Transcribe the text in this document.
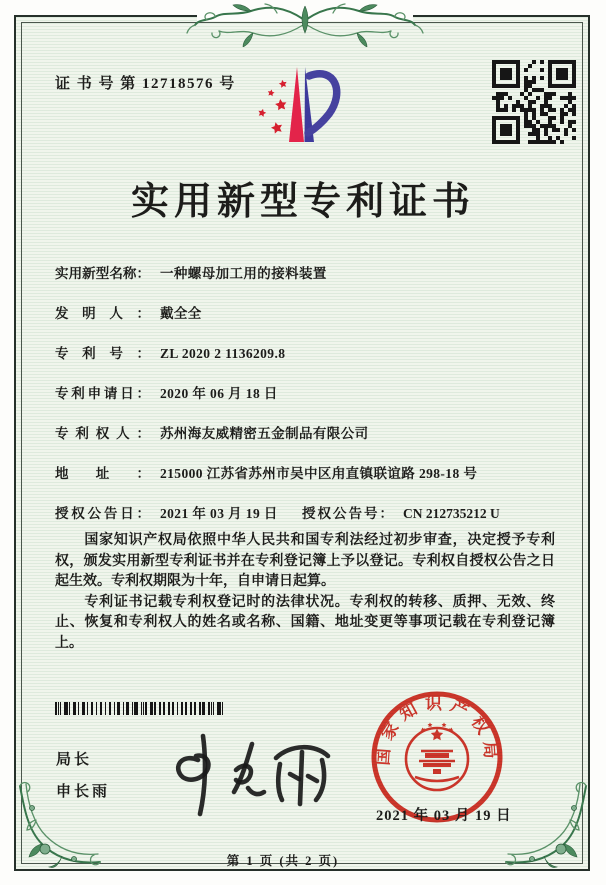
证 书 号 第 12718576 号
实用新型专利证书
实用新型名称： 一种螺母加工用的接料装置
发明人： 戴全全
专利号： ZL 2020 2 1136209.8
专利申请日： 2020 年 06 月 18 日
专利权人： 苏州海友威精密五金制品有限公司
地址： 215000 江苏省苏州市吴中区甪直镇联谊路 298-18 号
授权公告日： 2021 年 03 月 19 日 授权公告号： CN 212735212 U

国家知识产权局依照中华人民共和国专利法经过初步审查，决定授予专利权，颁发实用新型专利证书并在专利登记簿上予以登记。专利权自授权公告之日起生效。专利权期限为十年，自申请日起算。

专利证书记载专利权登记时的法律状况。专利权的转移、质押、无效、终止、恢复和专利权人的姓名或名称、国籍、地址变更等事项记载在专利登记簿上。

局长
申长雨
国家知识产权局
2021 年 03 月 19 日
第 1 页 (共 2 页)
